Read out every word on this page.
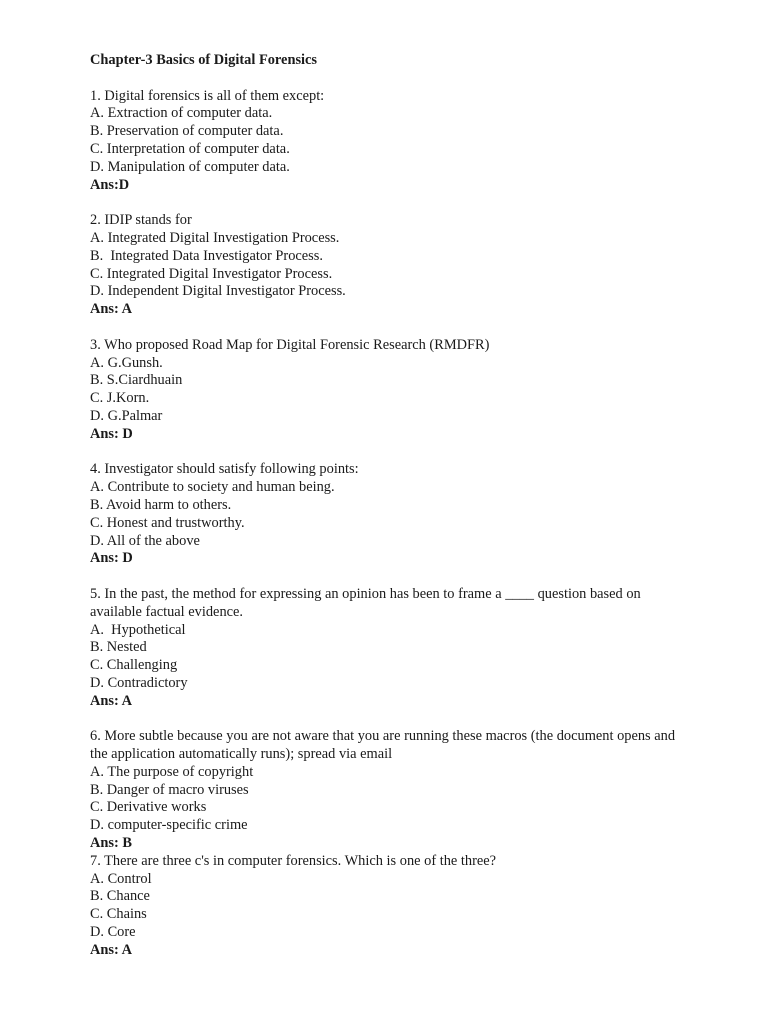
Chapter-3 Basics of Digital Forensics
1. Digital forensics is all of them except:
A. Extraction of computer data.
B. Preservation of computer data.
C. Interpretation of computer data.
D. Manipulation of computer data.
Ans:D
2. IDIP stands for
A. Integrated Digital Investigation Process.
B.  Integrated Data Investigator Process.
C. Integrated Digital Investigator Process.
D. Independent Digital Investigator Process.
Ans: A
3. Who proposed Road Map for Digital Forensic Research (RMDFR)
A. G.Gunsh.
B. S.Ciardhuain
C. J.Korn.
D. G.Palmar
Ans: D
4. Investigator should satisfy following points:
A. Contribute to society and human being.
B. Avoid harm to others.
C. Honest and trustworthy.
D. All of the above
Ans: D
5. In the past, the method for expressing an opinion has been to frame a ____ question based on available factual evidence.
A.  Hypothetical
B. Nested
C. Challenging
D. Contradictory
Ans: A
6. More subtle because you are not aware that you are running these macros (the document opens and the application automatically runs); spread via email
A. The purpose of copyright
B. Danger of macro viruses
C. Derivative works
D. computer-specific crime
Ans: B
7. There are three c's in computer forensics. Which is one of the three?
A. Control
B. Chance
C. Chains
D. Core
Ans: A
